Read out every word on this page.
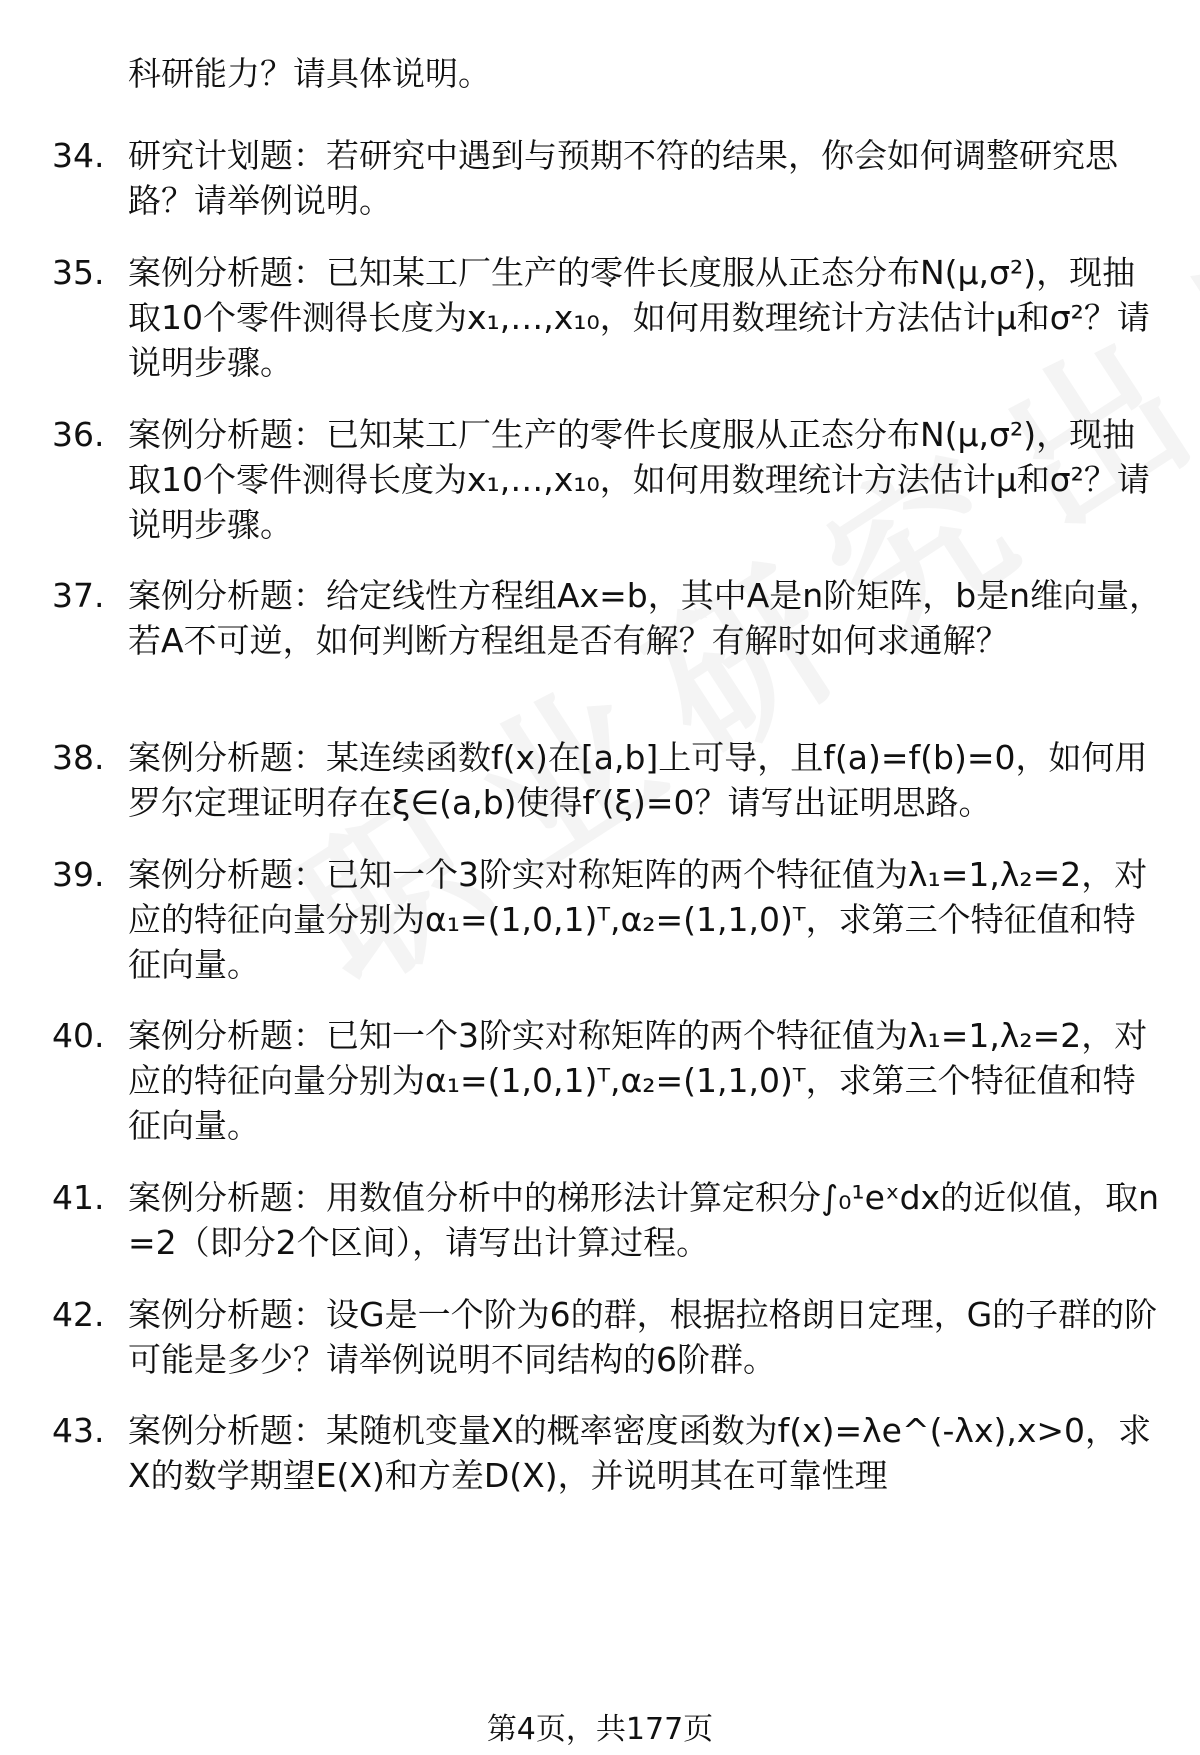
科研能力？请具体说明。
34. 研究计划题：若研究中遇到与预期不符的结果，你会如何调整研究思路？请举例说明。
35. 案例分析题：已知某工厂生产的零件长度服从正态分布N(μ,σ²)，现抽取10个零件测得长度为x₁,…,x₁₀，如何用数理统计方法估计μ和σ²？请说明步骤。
36. 案例分析题：已知某工厂生产的零件长度服从正态分布N(μ,σ²)，现抽取10个零件测得长度为x₁,…,x₁₀，如何用数理统计方法估计μ和σ²？请说明步骤。
37. 案例分析题：给定线性方程组Ax=b，其中A是n阶矩阵，b是n维向量，若A不可逆，如何判断方程组是否有解？有解时如何求通解？
38. 案例分析题：某连续函数f(x)在[a,b]上可导，且f(a)=f(b)=0，如何用罗尔定理证明存在ξ∈(a,b)使得f′(ξ)=0？请写出证明思路。
39. 案例分析题：已知一个3阶实对称矩阵的两个特征值为λ₁=1,λ₂=2，对应的特征向量分别为α₁=(1,0,1)ᵀ,α₂=(1,1,0)ᵀ，求第三个特征值和特征向量。
40. 案例分析题：已知一个3阶实对称矩阵的两个特征值为λ₁=1,λ₂=2，对应的特征向量分别为α₁=(1,0,1)ᵀ,α₂=(1,1,0)ᵀ，求第三个特征值和特征向量。
41. 案例分析题：用数值分析中的梯形法计算定积分∫₀¹eˣdx的近似值，取n=2（即分2个区间），请写出计算过程。
42. 案例分析题：设G是一个阶为6的群，根据拉格朗日定理，G的子群的阶可能是多少？请举例说明不同结构的6阶群。
43. 案例分析题：某随机变量X的概率密度函数为f(x)=λe^(-λx),x>0，求X的数学期望E(X)和方差D(X)，并说明其在可靠性理
第4页，共177页
